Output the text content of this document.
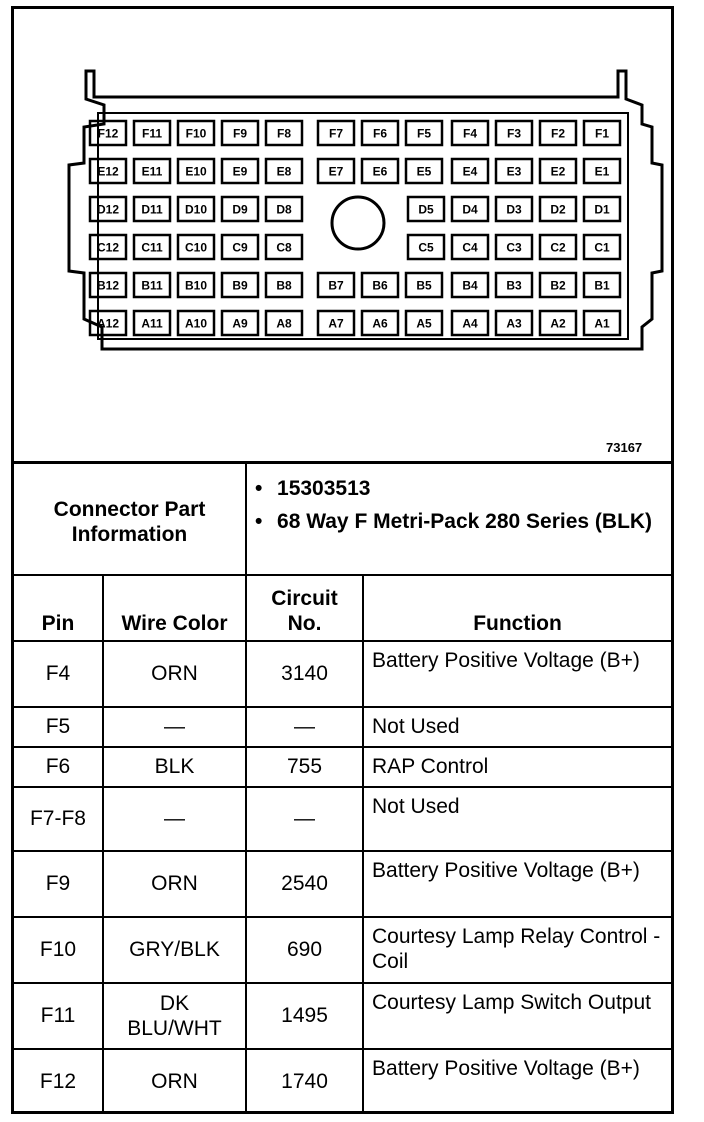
F12 F11 F10 F9 F8	F7 F6 F5	F4 F3 F2 F1
E12 E11 E10 E9 E8	E7 E6 E5	E4 E3 E2 E1
D12 D11 D10 D9 D8	D5 D4 D3 D2 D1
C12 C11 C10 C9 C8	C5 C4 C3 C2 C1
B12 B11 B10 B9 B8	B7 B6 B5	B4 B3 B2 B1
A12 A11 A10 A9 A8	A7 A6 A5	A4 A3 A2 A1
73167
Connector Part Information		• 15303513
• 68 Way F Metri-Pack 280 Series (BLK)	

Pin	Wire Color	Circuit No.	Function
F4	ORN	3140	Battery Positive Voltage (B+)
F5	—	—	Not Used
F6	BLK	755	RAP Control
F7-F8	—	—	Not Used
F9	ORN	2540	Battery Positive Voltage (B+)
F10	GRY/BLK	690	Courtesy Lamp Relay Control - Coil
F11	DK BLU/WHT	1495	Courtesy Lamp Switch Output
F12	ORN	1740	Battery Positive Voltage (B+)
